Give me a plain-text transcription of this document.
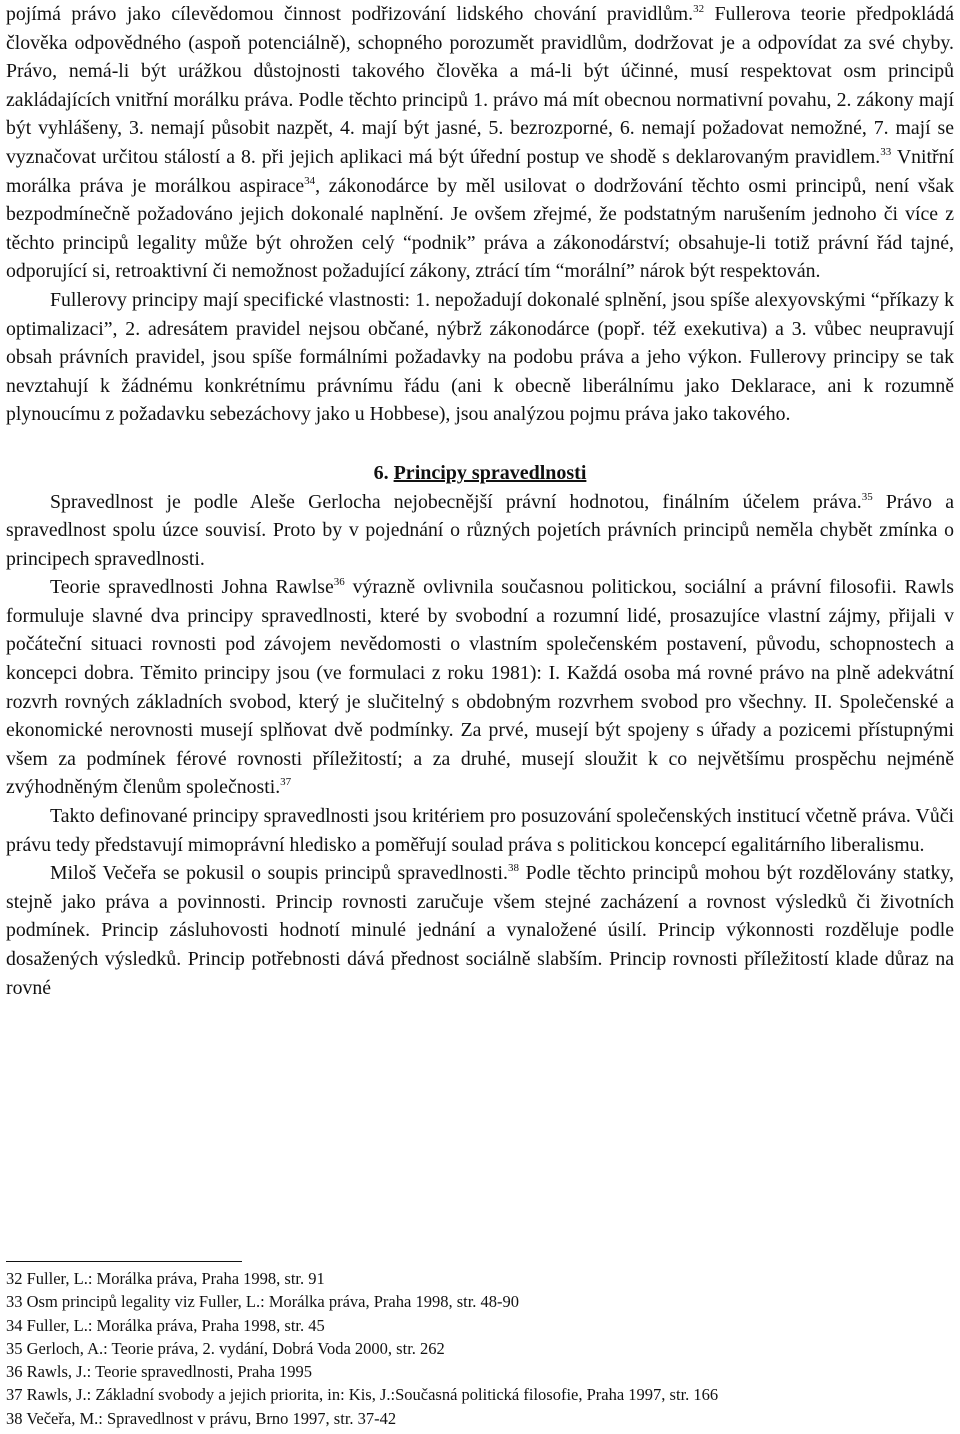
pojímá právo jako cílevědomou činnost podřizování lidského chování pravidlům.$^{32}$ Fullerova teorie předpokládá člověka odpovědného (aspoň potenciálně), schopného porozumět pravidlům, dodržovat je a odpovídat za své chyby. Právo, nemá-li být urážkou důstojnosti takového člověka a má-li být účinné, musí respektovat osm principů zakládajících vnitřní morálku práva. Podle těchto principů 1. právo má mít obecnou normativní povahu, 2. zákony mají být vyhlášeny, 3. nemají působit nazpět, 4. mají být jasné, 5. bezrozporné, 6. nemají požadovat nemožné, 7. mají se vyznačovat určitou stálostí a 8. při jejich aplikaci má být úřední postup ve shodě s deklarovaným pravidlem.$^{33}$ Vnitřní morálka práva je morálkou aspirace$^{34}$, zákonodárce by měl usilovat o dodržování těchto osmi principů, není však bezpodmínečně požadováno jejich dokonalé naplnění. Je ovšem zřejmé, že podstatným narušením jednoho či více z těchto principů legality může být ohrožen celý “podnik” práva a zákonodárství; obsahuje-li totiž právní řád tajné, odporující si, retroaktivní či nemožnost požadující zákony, ztrácí tím “morální” nárok být respektován.

Fullerovy principy mají specifické vlastnosti: 1. nepožadují dokonalé splnění, jsou spíše alexyovskými “příkazy k optimalizaci”, 2. adresátem pravidel nejsou občané, nýbrž zákonodárce (popř. též exekutiva) a 3. vůbec neupravují obsah právních pravidel, jsou spíše formálními požadavky na podobu práva a jeho výkon. Fullerovy principy se tak nevztahují k žádnému konkrétnímu právnímu řádu (ani k obecně liberálnímu jako Deklarace, ani k rozumně plynoucímu z požadavku sebezáchovy jako u Hobbese), jsou analýzou pojmu práva jako takového.

6. Principy spravedlnosti

Spravedlnost je podle Aleše Gerlocha nejobecnější právní hodnotou, finálním účelem práva.$^{35}$ Právo a spravedlnost spolu úzce souvisí. Proto by v pojednání o různých pojetích právních principů neměla chybět zmínka o principech spravedlnosti.

Teorie spravedlnosti Johna Rawlse$^{36}$ výrazně ovlivnila současnou politickou, sociální a právní filosofii. Rawls formuluje slavné dva principy spravedlnosti, které by svobodní a rozumní lidé, prosazujíce vlastní zájmy, přijali v počáteční situaci rovnosti pod závojem nevědomosti o vlastním společenském postavení, původu, schopnostech a koncepci dobra. Těmito principy jsou (ve formulaci z roku 1981): I. Každá osoba má rovné právo na plně adekvátní rozvrh rovných základních svobod, který je slučitelný s obdobným rozvrhem svobod pro všechny. II. Společenské a ekonomické nerovnosti musejí splňovat dvě podmínky. Za prvé, musejí být spojeny s úřady a pozicemi přístupnými všem za podmínek férové rovnosti příležitostí; a za druhé, musejí sloužit k co největšímu prospěchu nejméně zvýhodněným členům společnosti.$^{37}$

Takto definované principy spravedlnosti jsou kritériem pro posuzování společenských institucí včetně práva. Vůči právu tedy představují mimoprávní hledisko a poměřují soulad práva s politickou koncepcí egalitárního liberalismu.

Miloš Večeřa se pokusil o soupis principů spravedlnosti.$^{38}$ Podle těchto principů mohou být rozdělovány statky, stejně jako práva a povinnosti. Princip rovnosti zaručuje všem stejné zacházení a rovnost výsledků či životních podmínek. Princip zásluhovosti hodnotí minulé jednání a vynaložené úsilí. Princip výkonnosti rozděluje podle dosažených výsledků. Princip potřebnosti dává přednost sociálně slabším. Princip rovnosti příležitostí klade důraz na rovné

32 Fuller, L.: Morálka práva, Praha 1998, str. 91

33 Osm principů legality viz Fuller, L.: Morálka práva, Praha 1998, str. 48-90

34 Fuller, L.: Morálka práva, Praha 1998, str. 45

35 Gerloch, A.: Teorie práva, 2. vydání, Dobrá Voda 2000, str. 262

36 Rawls, J.: Teorie spravedlnosti, Praha 1995

37 Rawls, J.: Základní svobody a jejich priorita, in: Kis, J.:Současná politická filosofie, Praha 1997, str. 166

38 Večeřa, M.: Spravedlnost v právu, Brno 1997, str. 37-42
